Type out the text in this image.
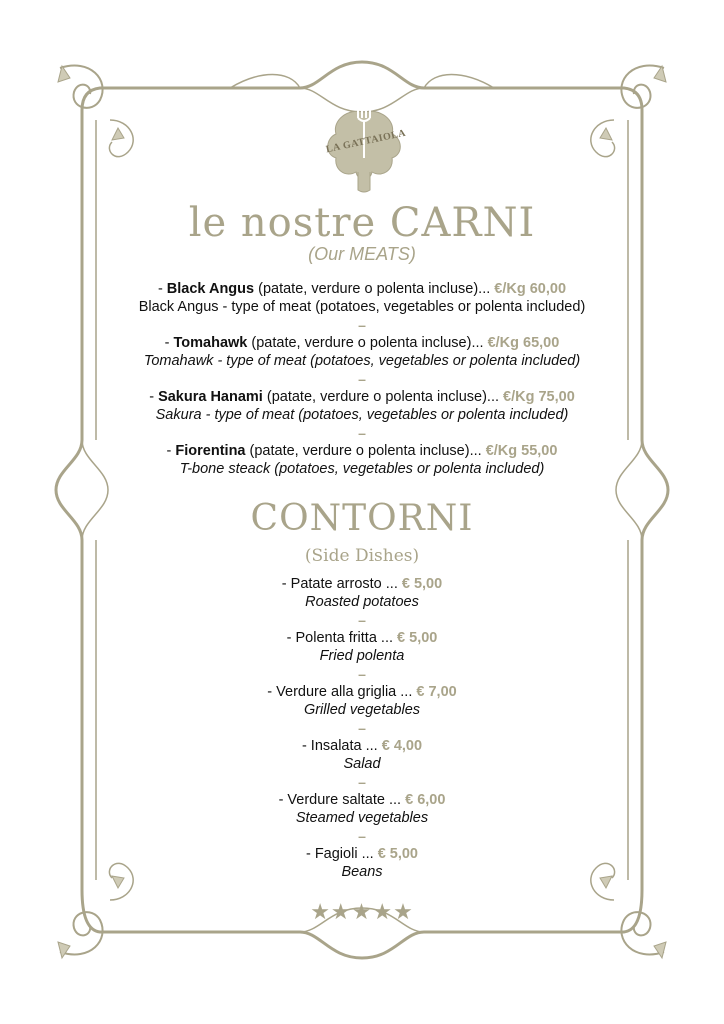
LA GATTAIOLA
le nostre CARNI
(Our MEATS)
- Black Angus (patate, verdure o polenta incluse)... €/Kg 60,00
Black Angus - type of meat (potatoes, vegetables or polenta included)
–
- Tomahawk (patate, verdure o polenta incluse)... €/Kg 65,00
Tomahawk - type of meat (potatoes, vegetables or polenta included)
–
- Sakura Hanami (patate, verdure o polenta incluse)... €/Kg 75,00
Sakura - type of meat (potatoes, vegetables or polenta included)
–
- Fiorentina (patate, verdure o polenta incluse)... €/Kg 55,00
T-bone steack (potatoes, vegetables or polenta included)
CONTORNI
(Side Dishes)
- Patate arrosto ... € 5,00
Roasted potatoes
–
- Polenta fritta ... € 5,00
Fried polenta
–
- Verdure alla griglia ... € 7,00
Grilled vegetables
–
- Insalata ... € 4,00
Salad
–
- Verdure saltate ... € 6,00
Steamed vegetables
–
- Fagioli ... € 5,00
Beans
★★★★★
